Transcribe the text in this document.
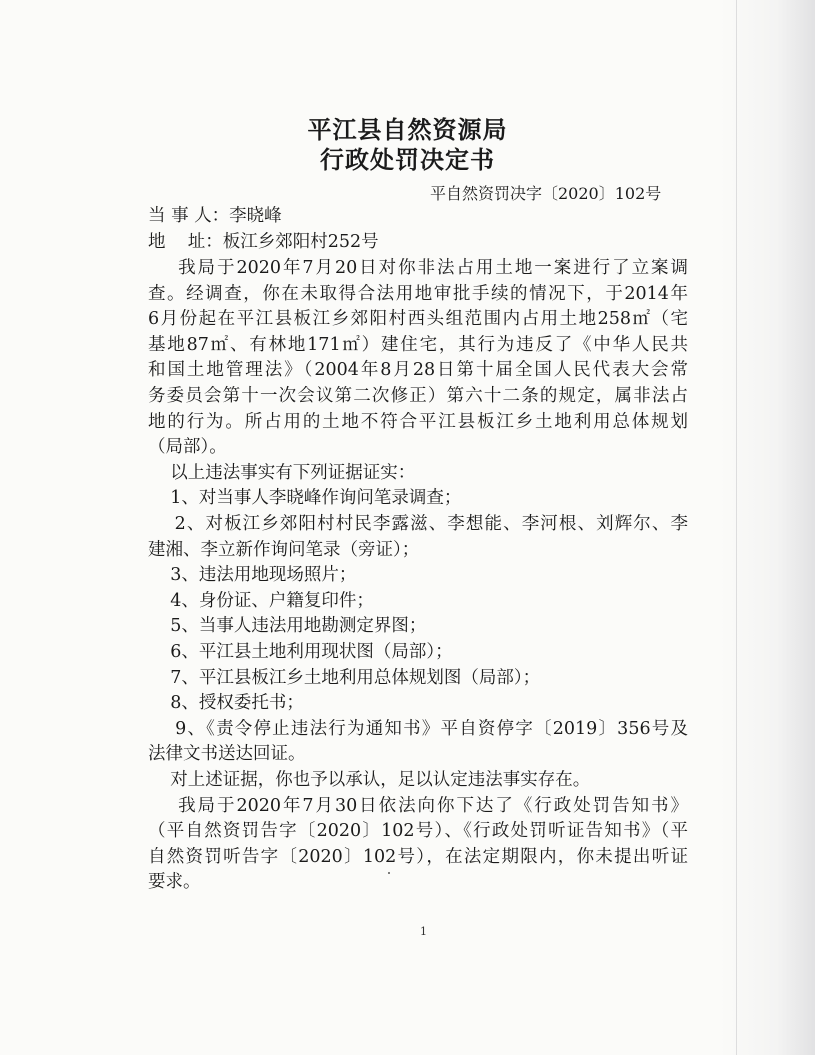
平江县自然资源局
行政处罚决定书
平自然资罚决字〔2020〕102号
当 事 人：李晓峰
地    址：板江乡郊阳村252号
我局于2020年7月20日对你非法占用土地一案进行了立案调
查。经调查，你在未取得合法用地审批手续的情况下，于2014年
6月份起在平江县板江乡郊阳村西头组范围内占用土地258㎡（宅
基地87㎡、有林地171㎡）建住宅，其行为违反了《中华人民共
和国土地管理法》（2004年8月28日第十届全国人民代表大会常
务委员会第十一次会议第二次修正）第六十二条的规定，属非法占
地的行为。所占用的土地不符合平江县板江乡土地利用总体规划
（局部）。
以上违法事实有下列证据证实：
1、对当事人李晓峰作询问笔录调查；
2、对板江乡郊阳村村民李露滋、李想能、李河根、刘辉尔、李
建湘、李立新作询问笔录（旁证）；
3、违法用地现场照片；
4、身份证、户籍复印件；
5、当事人违法用地勘测定界图；
6、平江县土地利用现状图（局部）；
7、平江县板江乡土地利用总体规划图（局部）；
8、授权委托书；
9、《责令停止违法行为通知书》平自资停字〔2019〕356号及
法律文书送达回证。
对上述证据，你也予以承认，足以认定违法事实存在。
我局于2020年7月30日依法向你下达了《行政处罚告知书》
（平自然资罚告字〔2020〕102号）、《行政处罚听证告知书》（平
自然资罚听告字〔2020〕102号），在法定期限内，你未提出听证
要求。
1
